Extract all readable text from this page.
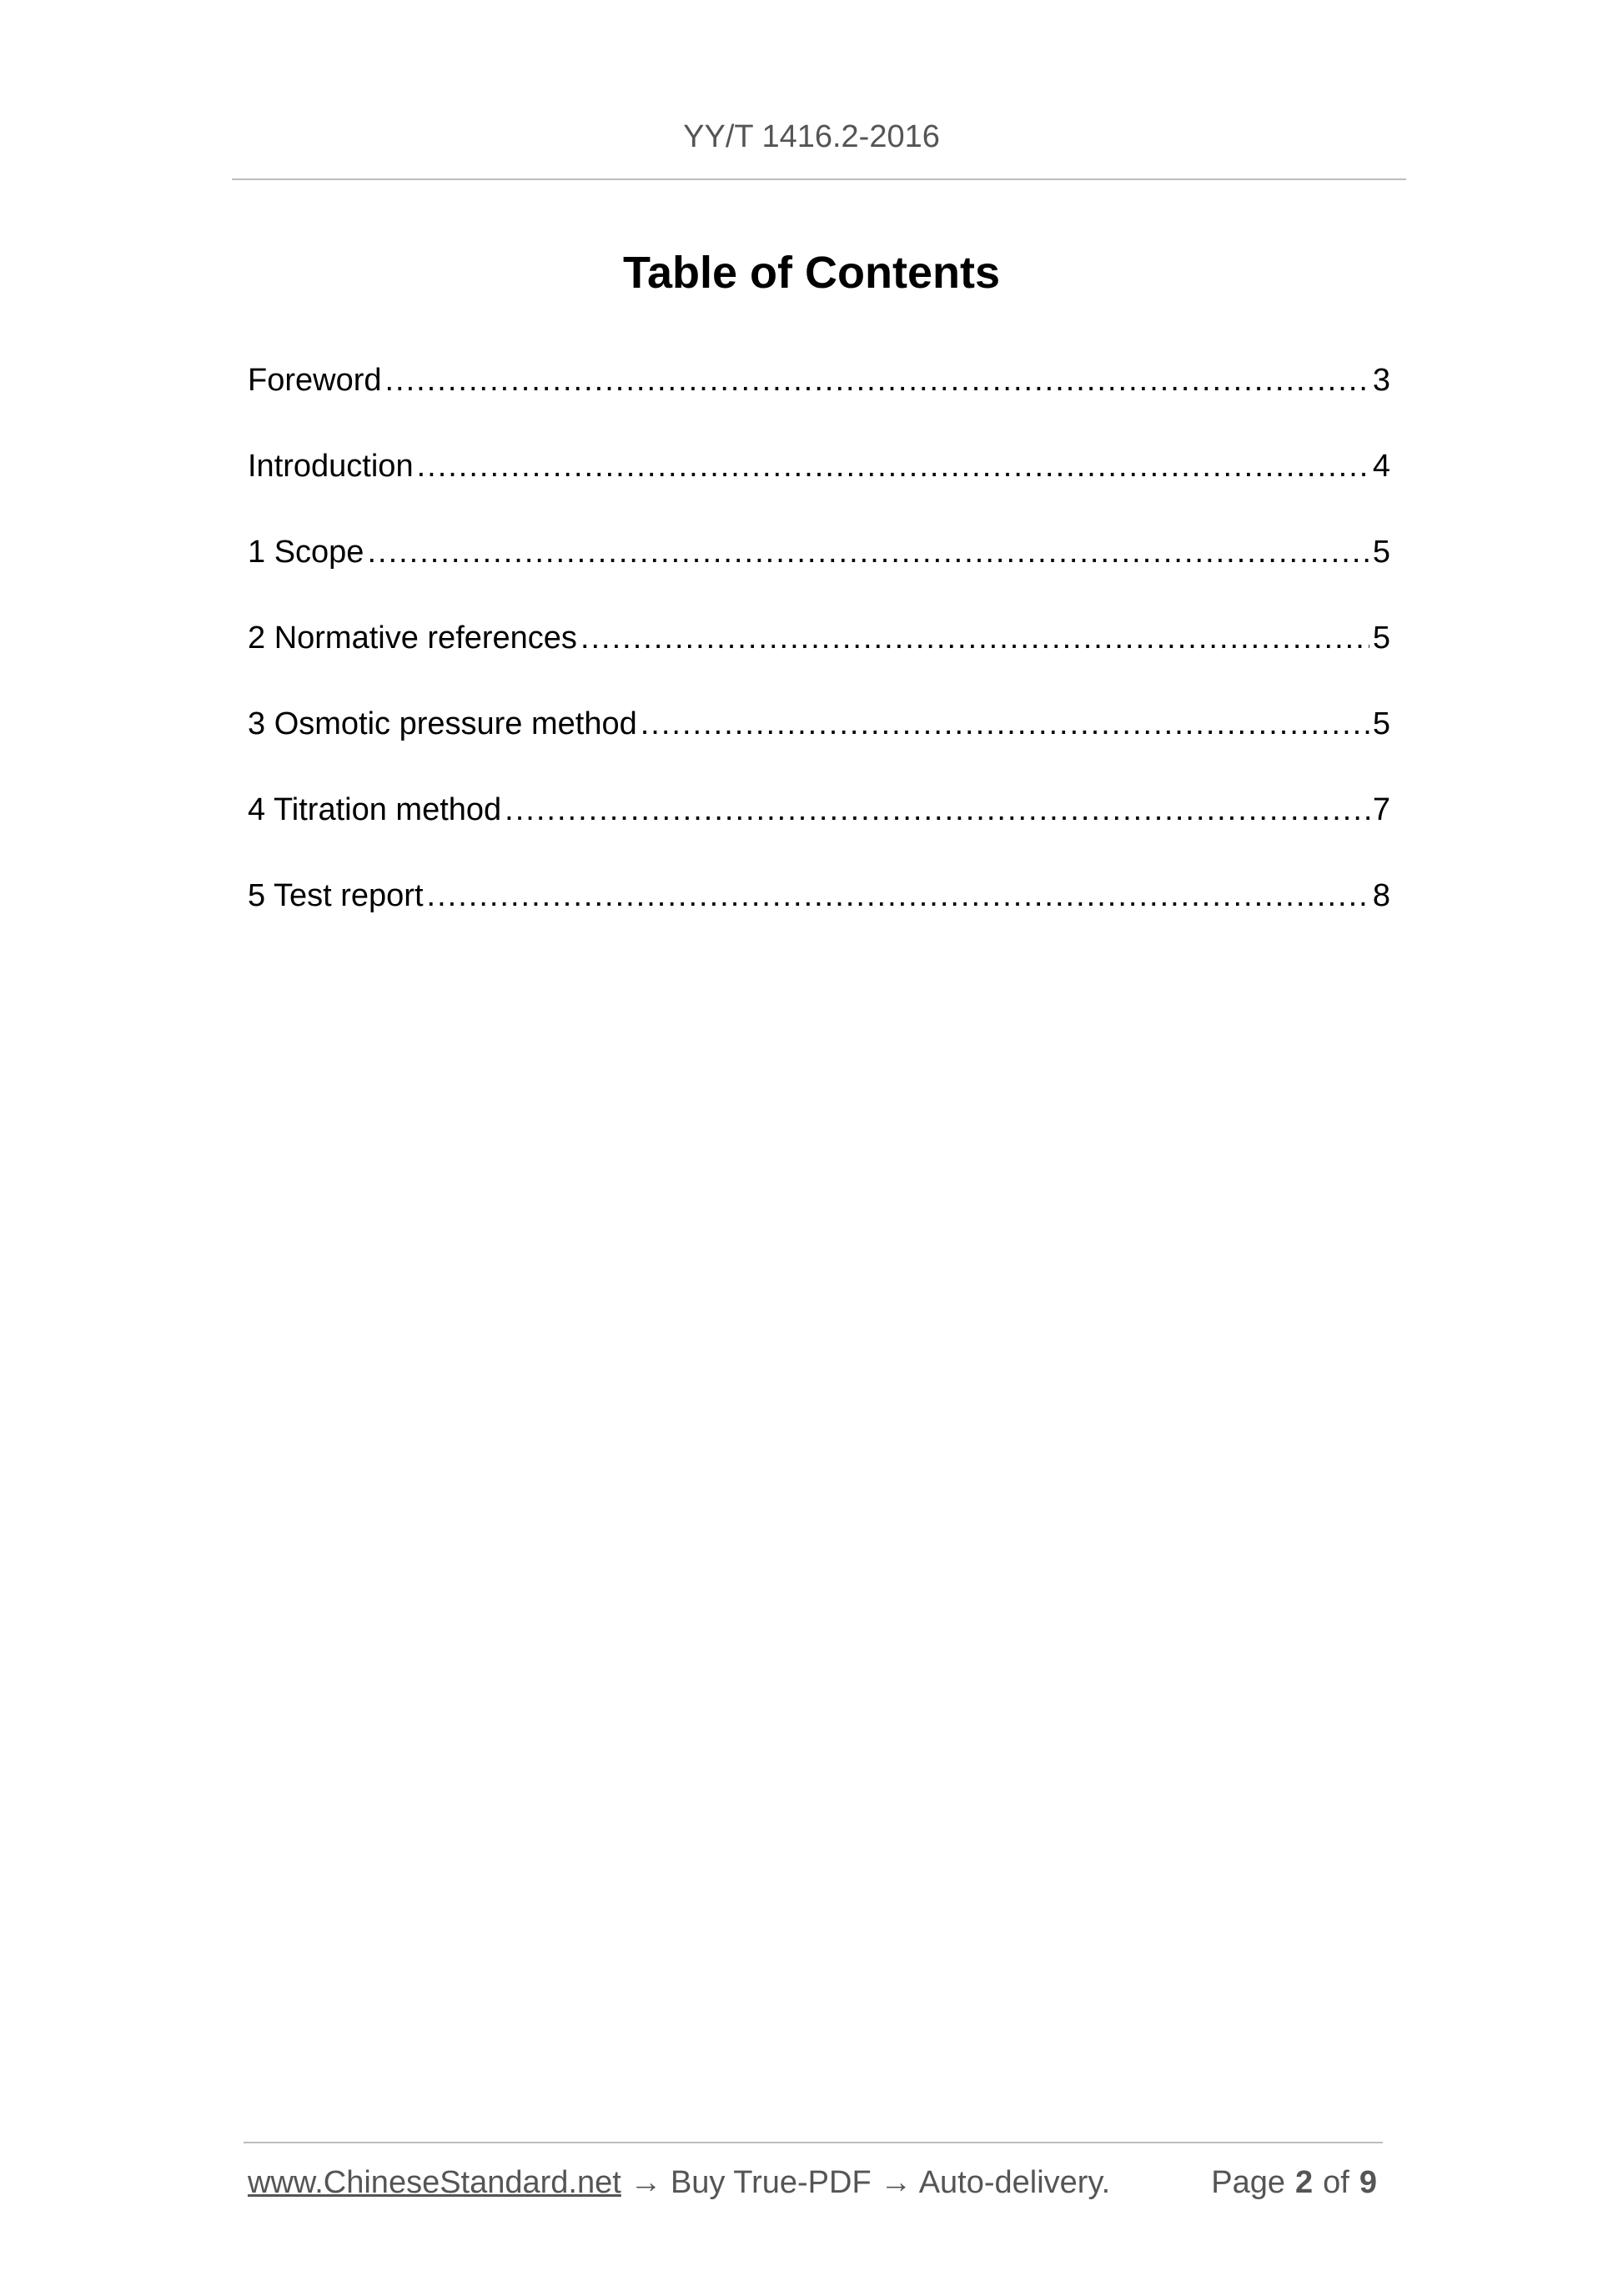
YY/T 1416.2-2016
Table of Contents
Foreword .....	3
Introduction .....	4
1 Scope .....	5
2 Normative references .....	5
3 Osmotic pressure method .....	5
4 Titration method .....	7
5 Test report .....	8
www.ChineseStandard.net → Buy True-PDF → Auto-delivery.	Page 2 of 9
